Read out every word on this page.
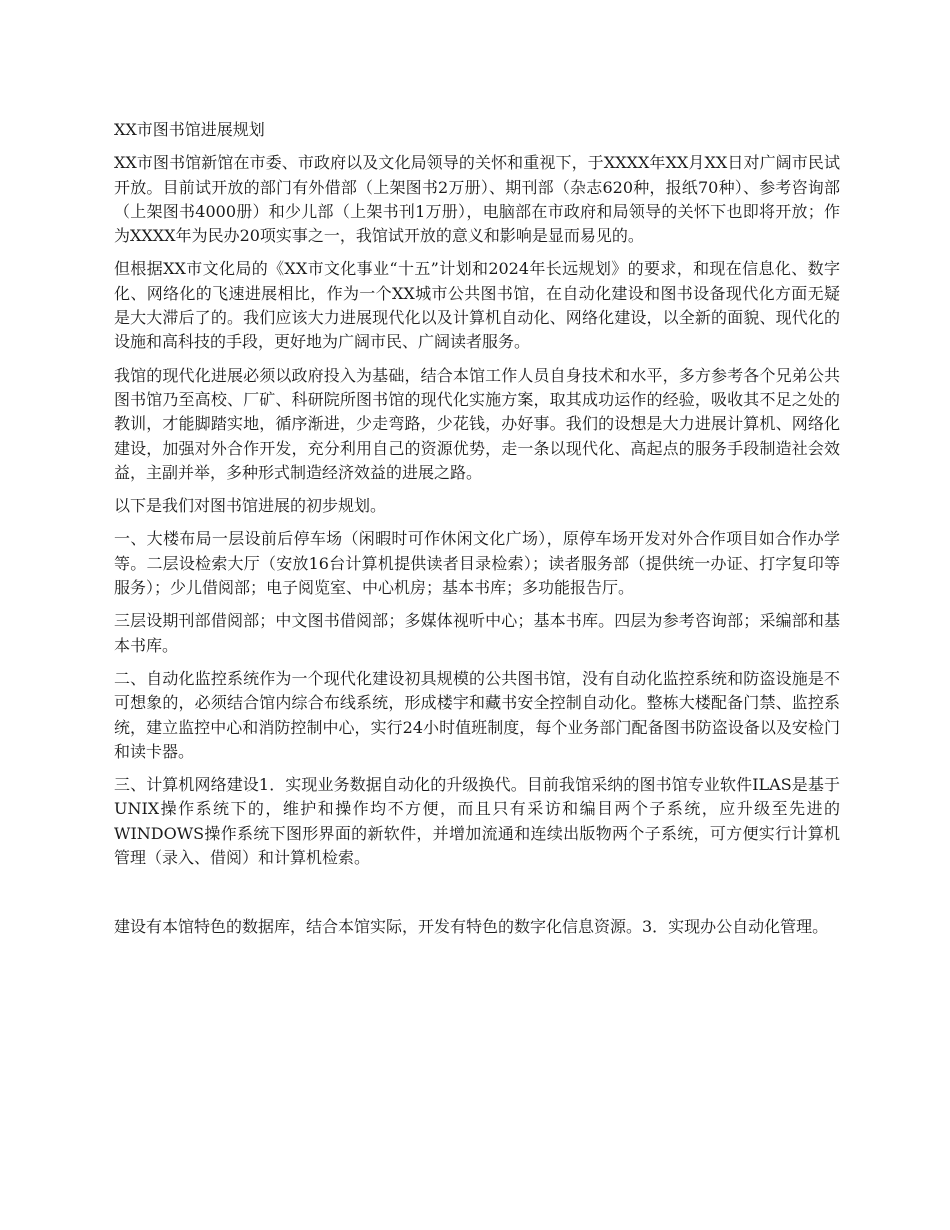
XX市图书馆进展规划

XX市图书馆新馆在市委、市政府以及文化局领导的关怀和重视下，于XXXX年XX月XX日对广阔市民试开放。目前试开放的部门有外借部（上架图书2万册）、期刊部（杂志620种，报纸70种）、参考咨询部（上架图书4000册）和少儿部（上架书刊1万册），电脑部在市政府和局领导的关怀下也即将开放；作为XXXX年为民办20项实事之一，我馆试开放的意义和影响是显而易见的。

但根据XX市文化局的《XX市文化事业“十五”计划和2024年长远规划》的要求，和现在信息化、数字化、网络化的飞速进展相比，作为一个XX城市公共图书馆，在自动化建设和图书设备现代化方面无疑是大大滞后了的。我们应该大力进展现代化以及计算机自动化、网络化建设，以全新的面貌、现代化的设施和高科技的手段，更好地为广阔市民、广阔读者服务。

我馆的现代化进展必须以政府投入为基础，结合本馆工作人员自身技术和水平，多方参考各个兄弟公共图书馆乃至高校、厂矿、科研院所图书馆的现代化实施方案，取其成功运作的经验，吸收其不足之处的教训，才能脚踏实地，循序渐进，少走弯路，少花钱，办好事。我们的设想是大力进展计算机、网络化建设，加强对外合作开发，充分利用自己的资源优势，走一条以现代化、高起点的服务手段制造社会效益，主副并举，多种形式制造经济效益的进展之路。

以下是我们对图书馆进展的初步规划。

一、大楼布局一层设前后停车场（闲暇时可作休闲文化广场），原停车场开发对外合作项目如合作办学等。二层设检索大厅（安放16台计算机提供读者目录检索）；读者服务部（提供统一办证、打字复印等服务）；少儿借阅部；电子阅览室、中心机房；基本书库；多功能报告厅。

三层设期刊部借阅部；中文图书借阅部；多媒体视听中心；基本书库。四层为参考咨询部；采编部和基本书库。

二、自动化监控系统作为一个现代化建设初具规模的公共图书馆，没有自动化监控系统和防盗设施是不可想象的，必须结合馆内综合布线系统，形成楼宇和藏书安全控制自动化。整栋大楼配备门禁、监控系统，建立监控中心和消防控制中心，实行24小时值班制度，每个业务部门配备图书防盗设备以及安检门和读卡器。

三、计算机网络建设1．实现业务数据自动化的升级换代。目前我馆采纳的图书馆专业软件ILAS是基于UNIX操作系统下的，维护和操作均不方便，而且只有采访和编目两个子系统，应升级至先进的WINDOWS操作系统下图形界面的新软件，并增加流通和连续出版物两个子系统，可方便实行计算机管理（录入、借阅）和计算机检索。

建设有本馆特色的数据库，结合本馆实际，开发有特色的数字化信息资源。3．实现办公自动化管理。
